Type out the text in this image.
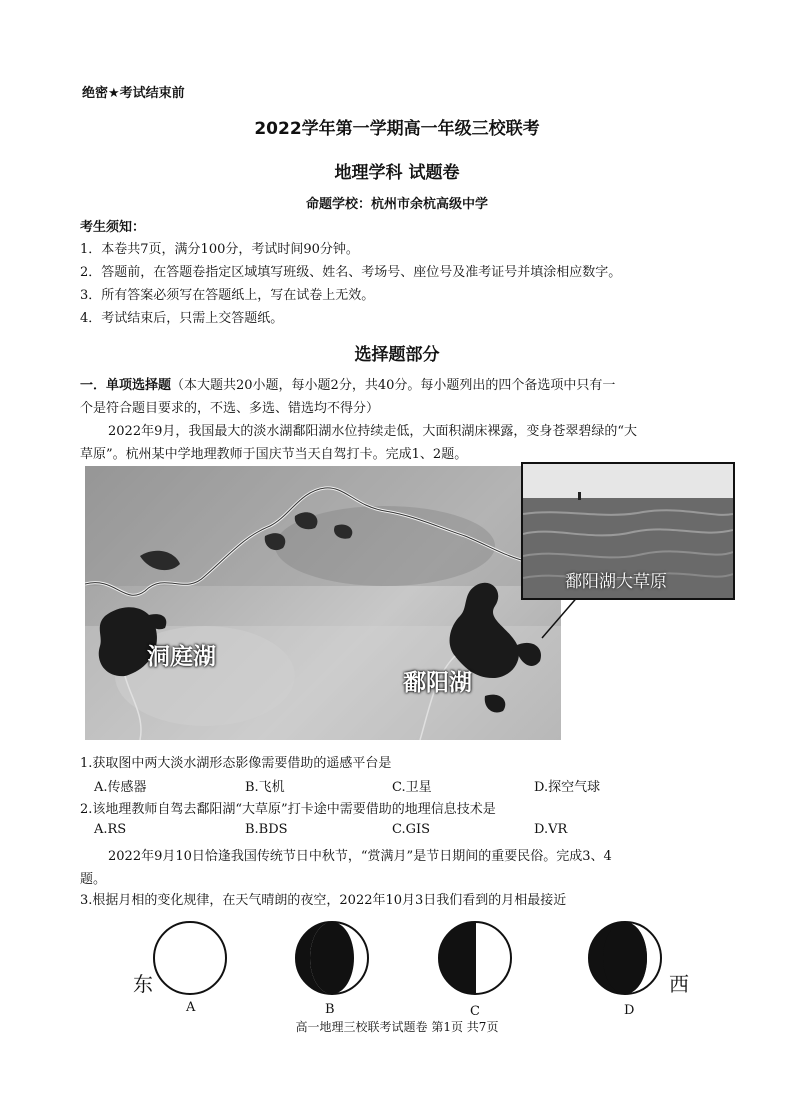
绝密★考试结束前
2022学年第一学期高一年级三校联考
地理学科 试题卷
命题学校：杭州市余杭高级中学
考生须知：
1．本卷共7页，满分100分，考试时间90分钟。
2．答题前，在答题卷指定区域填写班级、姓名、考场号、座位号及准考证号并填涂相应数字。
3．所有答案必须写在答题纸上，写在试卷上无效。
4．考试结束后，只需上交答题纸。
选择题部分
一．单项选择题（本大题共20小题，每小题2分，共40分。每小题列出的四个备选项中只有一
个是符合题目要求的，不选、多选、错选均不得分）
2022年9月，我国最大的淡水湖鄱阳湖水位持续走低，大面积湖床裸露，变身苍翠碧绿的“大
草原”。杭州某中学地理教师于国庆节当天自驾打卡。完成1、2题。
洞庭湖
鄱阳湖
鄱阳湖大草原
1.获取图中两大淡水湖形态影像需要借助的遥感平台是
A.传感器	B.飞机	C.卫星	D.探空气球
2.该地理教师自驾去鄱阳湖“大草原”打卡途中需要借助的地理信息技术是
A.RS	B.BDS	C.GIS	D.VR
2022年9月10日恰逢我国传统节日中秋节，“赏满月”是节日期间的重要民俗。完成3、4
题。
3.根据月相的变化规律，在天气晴朗的夜空，2022年10月3日我们看到的月相最接近
东	西
A	B	C	D
高一地理三校联考试题卷 第1页 共7页
